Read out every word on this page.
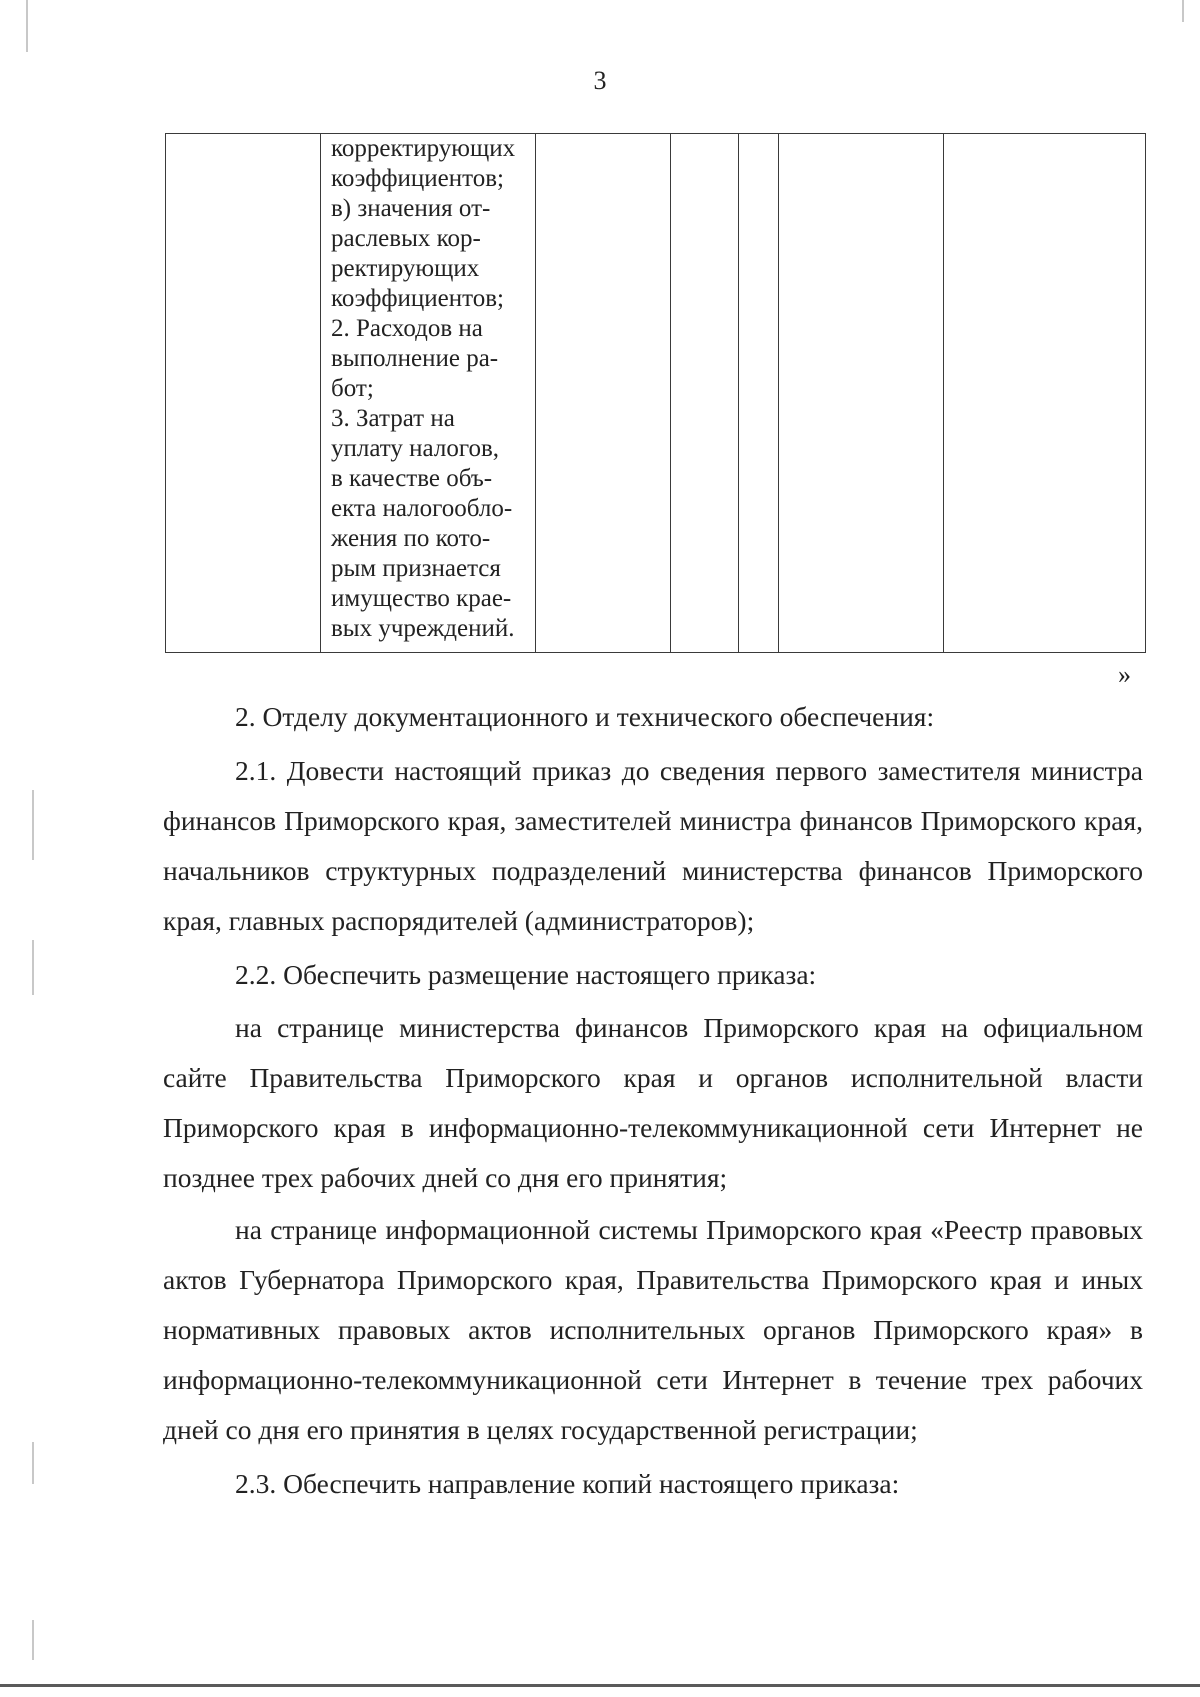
3

корректирующих
коэффициентов;
в) значения от-
раслевых кор-
ректирующих
коэффициентов;
2. Расходов на
выполнение ра-
бот;
3. Затрат на
уплату налогов,
в качестве объ-
екта налогообло-
жения по кото-
рым признается
имущество крае-
вых учреждений.

»

2. Отделу документационного и технического обеспечения:

2.1. Довести настоящий приказ до сведения первого заместителя министра финансов Приморского края, заместителей министра финансов Приморского края, начальников структурных подразделений министерства финансов Приморского края, главных распорядителей (администраторов);

2.2. Обеспечить размещение настоящего приказа:

на странице министерства финансов Приморского края на официальном сайте Правительства Приморского края и органов исполнительной власти Приморского края в информационно-телекоммуникационной сети Интернет не позднее трех рабочих дней со дня его принятия;

на странице информационной системы Приморского края «Реестр правовых актов Губернатора Приморского края, Правительства Приморского края и иных нормативных правовых актов исполнительных органов Приморского края» в информационно-телекоммуникационной сети Интернет в течение трех рабочих дней со дня его принятия в целях государственной регистрации;

2.3. Обеспечить направление копий настоящего приказа:
